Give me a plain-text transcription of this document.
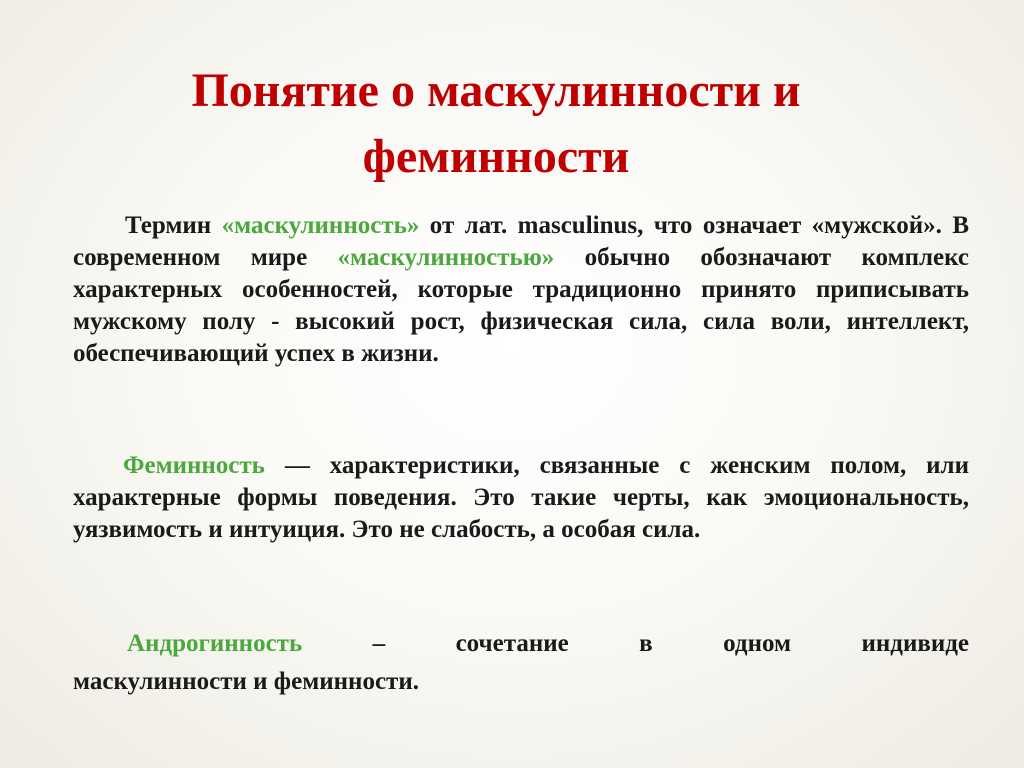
Понятие о маскулинности и феминности

Термин «маскулинность» от лат. masculinus, что означает «мужской». В современном мире «маскулинностью» обычно обозначают комплекс характерных особенностей, которые традиционно принято приписывать мужскому полу - высокий рост, физическая сила, сила воли, интеллект, обеспечивающий успех в жизни.

Феминность — характеристики, связанные с женским полом, или характерные формы поведения. Это такие черты, как эмоциональность, уязвимость и интуиция. Это не слабость, а особая сила.

Андрогинность – сочетание в одном индивиде

маскулинности и феминности.
